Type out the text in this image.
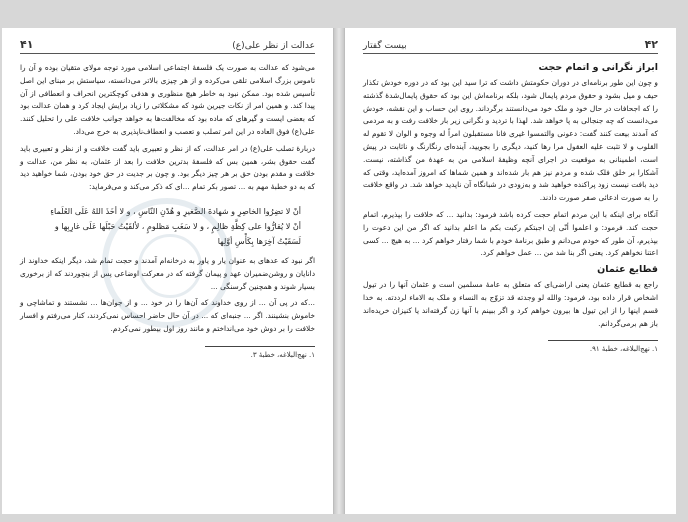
عدالت از نظر علی(ع)
۴۱

می‌شود که عدالت به صورت یک فلسفهٔ اجتماعی اسلامی مورد توجه مولای متقیان بوده و آن را ناموس بزرگ اسلامی تلقی می‌کرده و از هر چیزی بالاتر می‌دانسته، سیاستش بر مبنای این اصل تأسیس شده بود. ممکن نبود به خاطر هیچ منظوری و هدفی کوچکترین انحراف و انعطافی از آن پیدا کند. و همین امر از نکات جیرین شود که مشکلاتی را زیاد برایش ایجاد کرد و همان عدالت بود که بعضی ایست و گیرهای که ماده بود که مخالفت‌ها به خواهد جوانب خلافت علی را تحلیل کنند. علی(ع) فوق العاده در این امر تصلب و تعصب و انعطاف‌ناپذیری به خرج می‌داد.

دربارهٔ تصلب علی(ع) در امر عدالت، که از نظر و تعبیری باید گفت خلافت و از نظر و تعبیری باید گفت حقوق بشر، همین بس که فلسفهٔ بدترین خلافت را بعد از عثمان، به نظر من، عدالت و خلافت و مقدم بودن حق بر هر چیز دیگر بود. و چون بر جدیت در حق خود بودن، شما خواهید دید که به دو خطبهٔ مهم به ... تصور بکر تمام ...ای که ذکر می‌کند و می‌فرماید:

أنْ لا تضِرُوا الخاصِرِ و شهادةَ الصَّغيرِ و هُدْنِ النّاسِ ، و لا أخَذَ اللهُ عَلَى العُلَماءِ
أنْ لا يُقارُّوا على كِظَّةِ ظالِمٍ ، و لا سَغَبِ مَظلومٍ ، لألقَيْتُ حَبْلَها عَلَى غارِبِها و
لَسَقَيْتُ آخِرَها بِكَأْسِ أوَّلِها

اگر نبود که عدهای به عنوان یار و یاور به درخانه‌ام آمدند و حجت تمام شد، دیگر اینکه خداوند از دانایان و روشن‌ضمیران عهد و پیمان گرفته که در معرکت اوضاعی پس از بنچوردند که از برخوری بسیار شوند و همچنین گرسنگی ...

...که در پی آن ... از روی خداوند که آن‌ها را در خود ... و از جوان‌ها ... نشستند و تماشاچی و خاموش بنشینند. اگر ... جنبه‌ای که ... در آن حال حاضر احساس نمی‌کردند، کنار می‌رفتم و افسار خلافت را بر دوش خود می‌انداختم و مانند روز اول بیطور نمی‌کردم.

۱. نهج‌البلاغه، خطبهٔ ۳.
۴۲
بیست گفتار
ابراز نگرانی و اتمام حجت

و چون این طور برنامه‌ای در دوران حکومتش داشت که ترا سید این بود که در دوره خودش تکذار حیف و میل بشود و حقوق مردم پایمال شود، بلکه برنامه‌اش این بود که حقوق پایمال‌شدهٔ گذشته را که اجحافات در حال خود و ملک خود می‌دانستند برگرداند. روی این حساب و این نقشه، خودش می‌دانست که چه جنجالی به پا خواهد شد. لهذا با تردید و نگرانی زیر بار خلافت رفت و به مردمی که آمدند بیعت کنند گفت: دعونی والتمسوا غیری فانا مستقبلون امراً له وجوه و الوان لا تقوم له القلوب و لا تثبت علیه العقول مرا رها کنید، دیگری را بجویید، آینده‌ای رنگارنگ و ناثابت در پیش است، اطمینانی به موقعیت در اجرای آنچه وظیفهٔ اسلامی من به عهدهٔ من گذاشته، نیست. آشکارا بر خلق فلک شده و مردم نیز هم بار شده‌اند و همین شماها که امروز آمده‌اید، وقتی که دید بافت نیست زود پراکنده خواهید شد و به‌زودی در شبانگاه آن ناپدید خواهد شد. در واقع خلافت را به صورت ادعائی صفر صورت دادند.

آنگاه برای اینکه با این مردم اتمام حجت کرده باشد فرمود: بدانید ... که خلافت را بپذیرم، اتمام حجت کند. فرمود: و اعلموا أنّی إن اجبتکم رکبت بکم ما اعلم بدانید که اگر من این دعوت را بپذیرم، آن طور که خودم می‌دانم و طبق برنامهٔ خودم با شما رفتار خواهم کرد ... به هیچ ... کسی اعتنا نخواهم کرد. یعنی اگر بنا شد من ... عمل خواهم کرد.

قطایع عثمان

راجع به قطایع عثمان یعنی اراضی‌ای که متعلق به عامهٔ مسلمین است و عثمان آنها را در تیول اشخاص قرار داده بود، فرمود: والله لو وجدته قد تزوّج به النساء و ملک به الاماء لرددته. به خدا قسم اینها را از این تیول ها بیرون خواهم کرد و اگر ببینم با آنها زن گرفته‌اند یا کنیزان خریده‌اند باز هم برمی‌گردانم.

۱. نهج‌البلاغه، خطبهٔ ۹۱.
